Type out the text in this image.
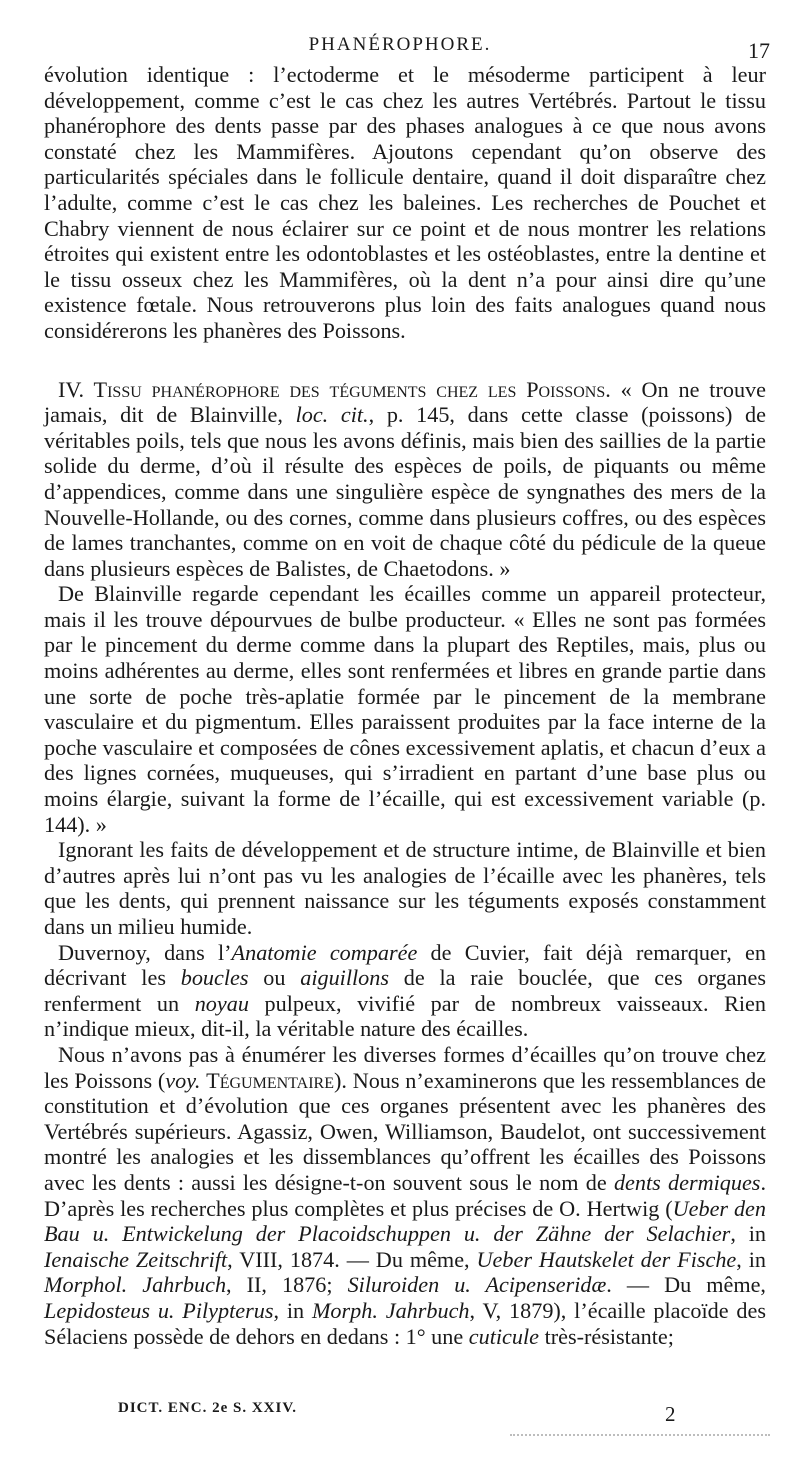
PHANÉROPHORE.	17

évolution identique : l’ectoderme et le mésoderme participent à leur développement, comme c’est le cas chez les autres Vertébrés. Partout le tissu phanérophore des dents passe par des phases analogues à ce que nous avons constaté chez les Mammifères. Ajoutons cependant qu’on observe des particularités spéciales dans le follicule dentaire, quand il doit disparaître chez l’adulte, comme c’est le cas chez les baleines. Les recherches de Pouchet et Chabry viennent de nous éclairer sur ce point et de nous montrer les relations étroites qui existent entre les odontoblastes et les ostéoblastes, entre la dentine et le tissu osseux chez les Mammifères, où la dent n’a pour ainsi dire qu’une existence fœtale. Nous retrouverons plus loin des faits analogues quand nous considérerons les phanères des Poissons.

IV. Tissu phanérophore des téguments chez les Poissons. « On ne trouve jamais, dit de Blainville, loc. cit., p. 145, dans cette classe (poissons) de véritables poils, tels que nous les avons définis, mais bien des saillies de la partie solide du derme, d’où il résulte des espèces de poils, de piquants ou même d’appendices, comme dans une singulière espèce de syngnathes des mers de la Nouvelle-Hollande, ou des cornes, comme dans plusieurs coffres, ou des espèces de lames tranchantes, comme on en voit de chaque côté du pédicule de la queue dans plusieurs espèces de Balistes, de Chaetodons. »

De Blainville regarde cependant les écailles comme un appareil protecteur, mais il les trouve dépourvues de bulbe producteur. « Elles ne sont pas formées par le pincement du derme comme dans la plupart des Reptiles, mais, plus ou moins adhérentes au derme, elles sont renfermées et libres en grande partie dans une sorte de poche très-aplatie formée par le pincement de la membrane vasculaire et du pigmentum. Elles paraissent produites par la face interne de la poche vasculaire et composées de cônes excessivement aplatis, et chacun d’eux a des lignes cornées, muqueuses, qui s’irradient en partant d’une base plus ou moins élargie, suivant la forme de l’écaille, qui est excessivement variable (p. 144). »

Ignorant les faits de développement et de structure intime, de Blainville et bien d’autres après lui n’ont pas vu les analogies de l’écaille avec les phanères, tels que les dents, qui prennent naissance sur les téguments exposés constamment dans un milieu humide.

Duvernoy, dans l’Anatomie comparée de Cuvier, fait déjà remarquer, en décrivant les boucles ou aiguillons de la raie bouclée, que ces organes renferment un noyau pulpeux, vivifié par de nombreux vaisseaux. Rien n’indique mieux, dit-il, la véritable nature des écailles.

Nous n’avons pas à énumérer les diverses formes d’écailles qu’on trouve chez les Poissons (voy. Tégumentaire). Nous n’examinerons que les ressemblances de constitution et d’évolution que ces organes présentent avec les phanères des Vertébrés supérieurs. Agassiz, Owen, Williamson, Baudelot, ont successivement montré les analogies et les dissemblances qu’offrent les écailles des Poissons avec les dents : aussi les désigne-t-on souvent sous le nom de dents dermiques. D’après les recherches plus complètes et plus précises de O. Hertwig (Ueber den Bau u. Entwickelung der Placoidschuppen u. der Zähne der Selachier, in Ienaische Zeitschrift, VIII, 1874. — Du même, Ueber Hautskelet der Fische, in Morphol. Jahrbuch, II, 1876; Siluroiden u. Acipenseridæ. — Du même, Lepidosteus u. Pilypterus, in Morph. Jahrbuch, V, 1879), l’écaille placoïde des Sélaciens possède de dehors en dedans : 1° une cuticule très-résistante;

DICT. ENC. 2e S. XXIV.	2
